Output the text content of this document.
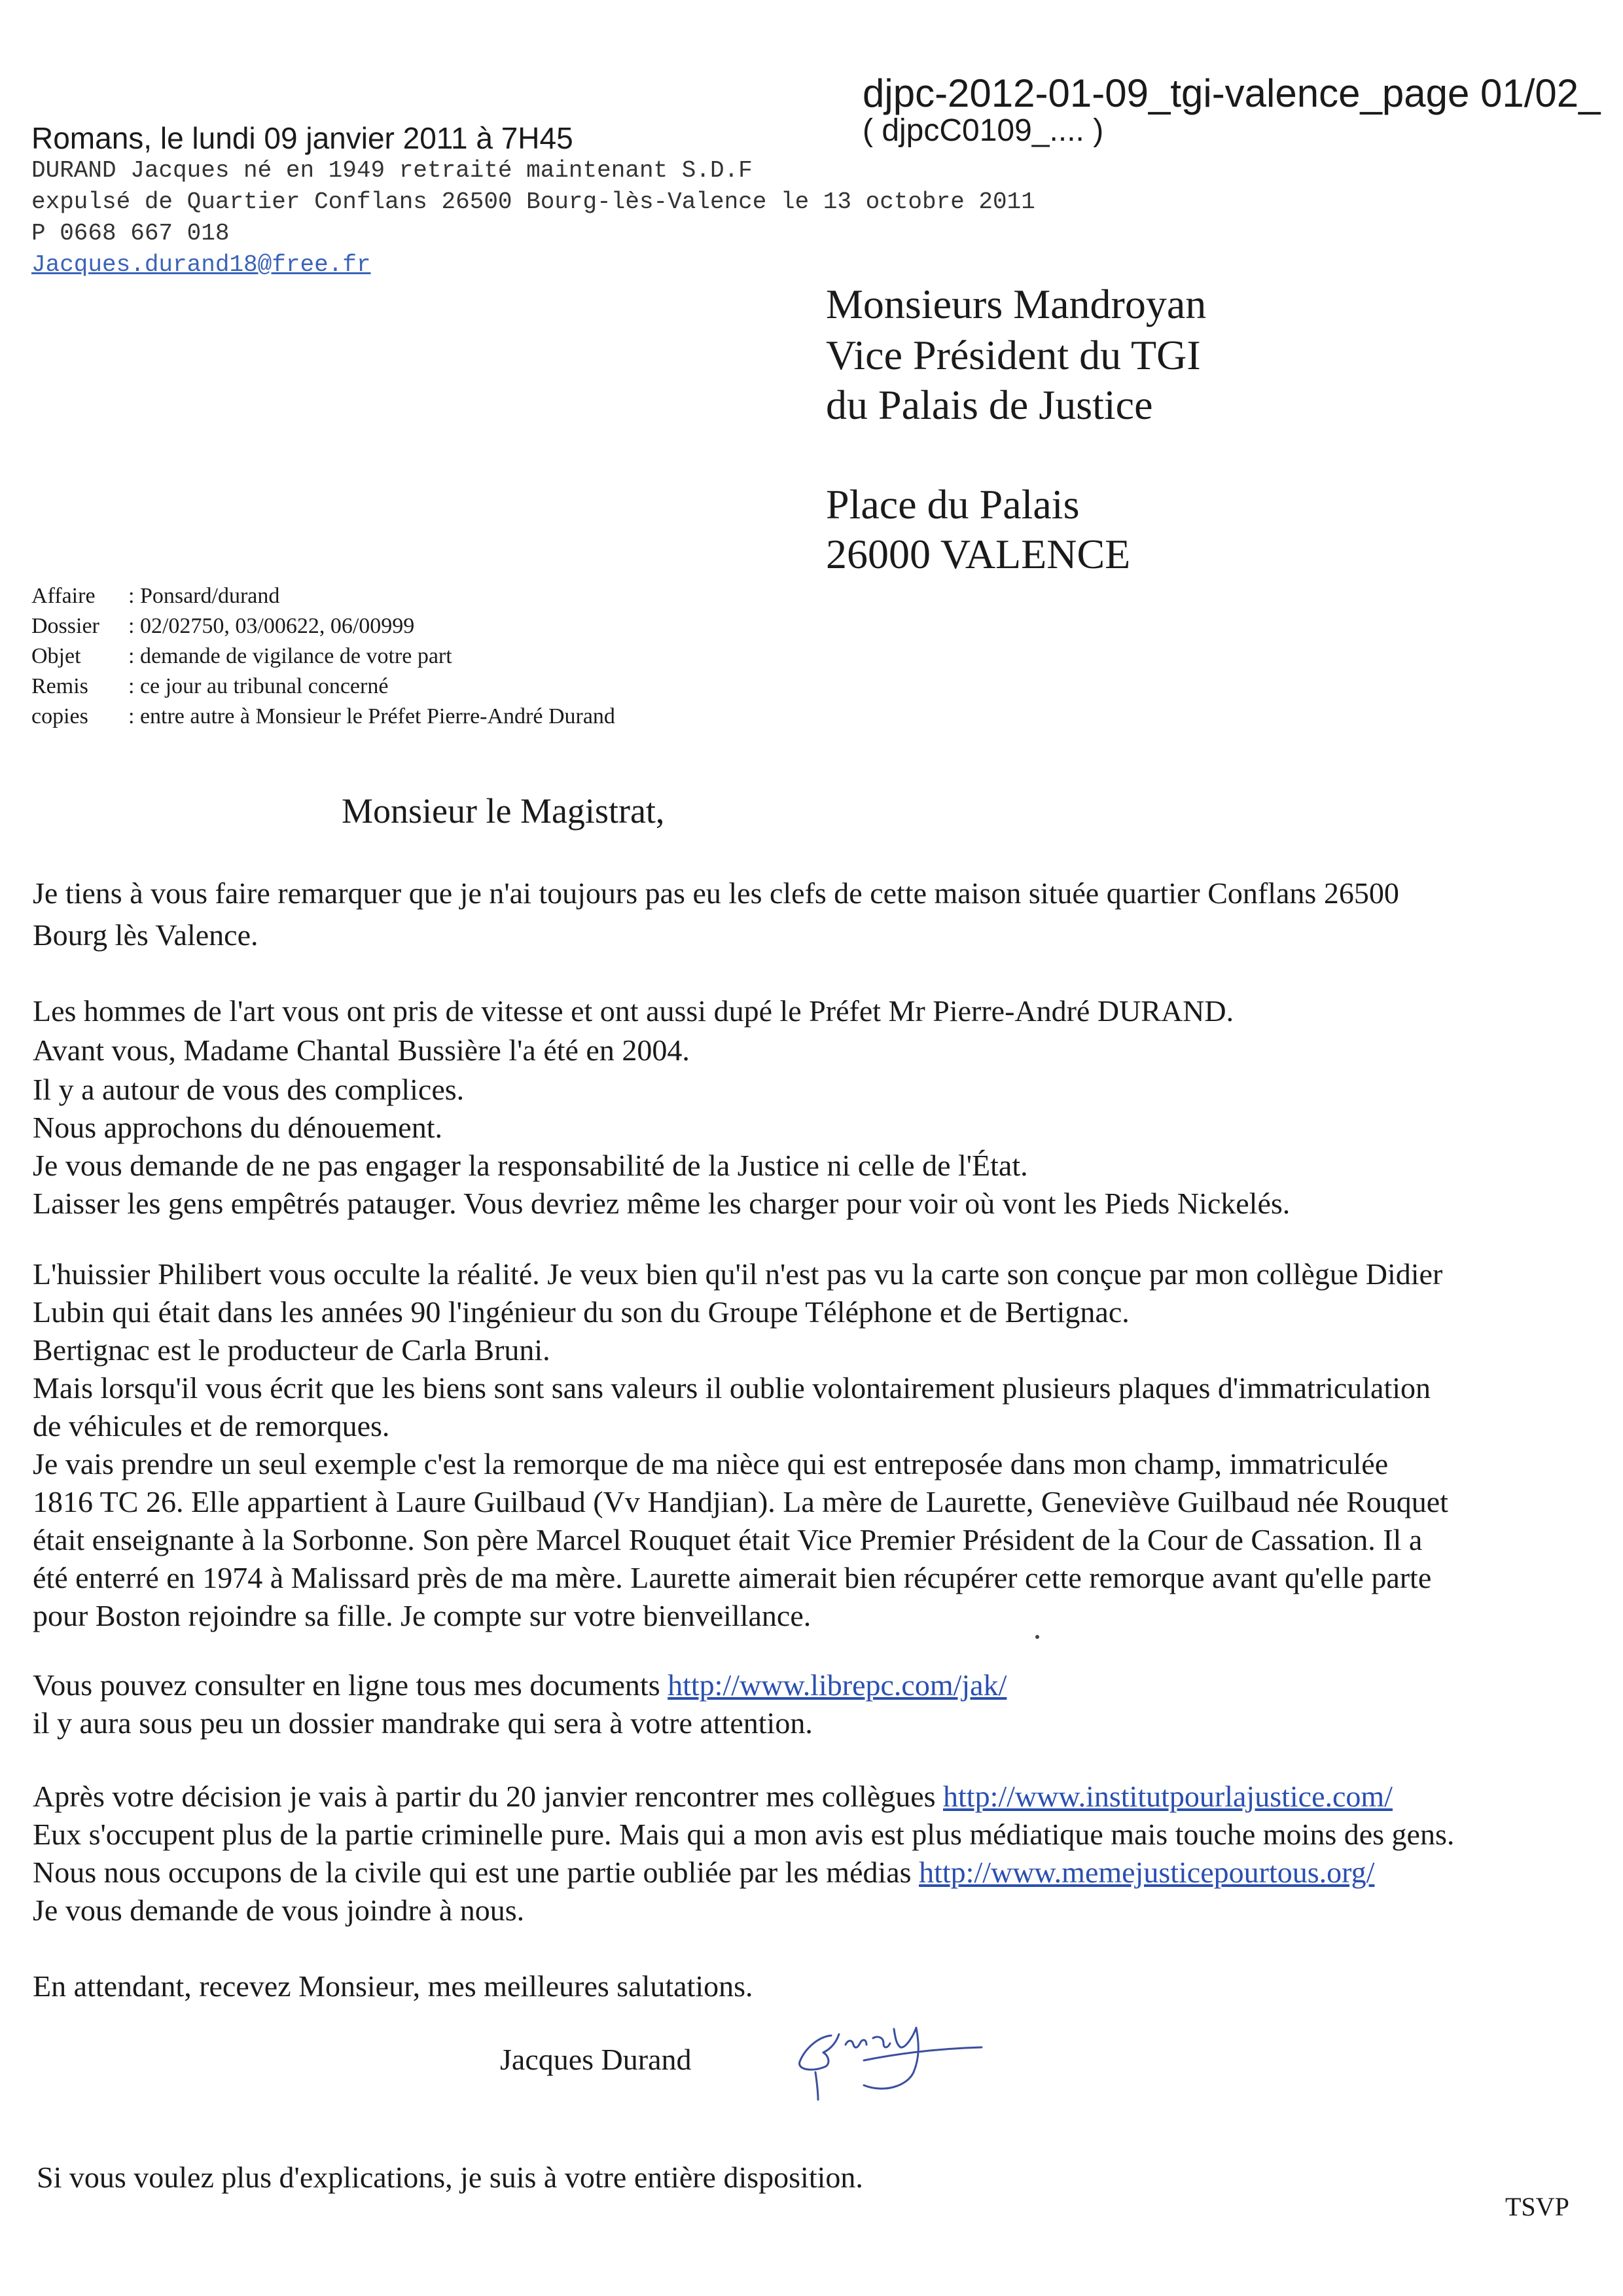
djpc-2012-01-09_tgi-valence_page 01/02_
( djpcC0109_.... )
Romans, le lundi 09 janvier 2011 à 7H45
DURAND Jacques né en 1949 retraité maintenant S.D.F
expulsé de Quartier Conflans 26500 Bourg-lès-Valence le 13 octobre 2011
P 0668 667 018
Jacques.durand18@free.fr
Monsieurs Mandroyan
Vice Président du TGI
du Palais de Justice
Place du Palais
26000 VALENCE
Affaire : Ponsard/durand
Dossier : 02/02750, 03/00622, 06/00999
Objet : demande de vigilance de votre part
Remis : ce jour au tribunal concerné
copies : entre autre à Monsieur le Préfet Pierre-André Durand
Monsieur le Magistrat,
Je tiens à vous faire remarquer que je n'ai toujours pas eu les clefs de cette maison située quartier Conflans 26500
Bourg lès Valence.
Les hommes de l'art vous ont pris de vitesse et ont aussi dupé le Préfet Mr Pierre-André DURAND.
Avant vous, Madame Chantal Bussière l'a été en 2004.
Il y a autour de vous des complices.
Nous approchons du dénouement.
Je vous demande de ne pas engager la responsabilité de la Justice ni celle de l'État.
Laisser les gens empêtrés patauger. Vous devriez même les charger pour voir où vont les Pieds Nickelés.
L'huissier Philibert vous occulte la réalité. Je veux bien qu'il n'est pas vu la carte son conçue par mon collègue Didier
Lubin qui était dans les années 90 l'ingénieur du son du Groupe Téléphone et de Bertignac.
Bertignac est le producteur de Carla Bruni.
Mais lorsqu'il vous écrit que les biens sont sans valeurs il oublie volontairement plusieurs plaques d'immatriculation
de véhicules et de remorques.
Je vais prendre un seul exemple c'est la remorque de ma nièce qui est entreposée dans mon champ, immatriculée
1816 TC 26. Elle appartient à Laure Guilbaud (Vv Handjian). La mère de Laurette, Geneviève Guilbaud née Rouquet
était enseignante à la Sorbonne. Son père Marcel Rouquet était Vice Premier Président de la Cour de Cassation. Il a
été enterré en 1974 à Malissard près de ma mère. Laurette aimerait bien récupérer cette remorque avant qu'elle parte
pour Boston rejoindre sa fille. Je compte sur votre bienveillance.
Vous pouvez consulter en ligne tous mes documents http://www.librepc.com/jak/
il y aura sous peu un dossier mandrake qui sera à votre attention.
Après votre décision je vais à partir du 20 janvier rencontrer mes collègues http://www.institutpourlajustice.com/
Eux s'occupent plus de la partie criminelle pure. Mais qui a mon avis est plus médiatique mais touche moins des gens.
Nous nous occupons de la civile qui est une partie oubliée par les médias http://www.memejusticepourtous.org/
Je vous demande de vous joindre à nous.
En attendant, recevez Monsieur, mes meilleures salutations.
Jacques Durand
Si vous voulez plus d'explications, je suis à votre entière disposition.
TSVP
